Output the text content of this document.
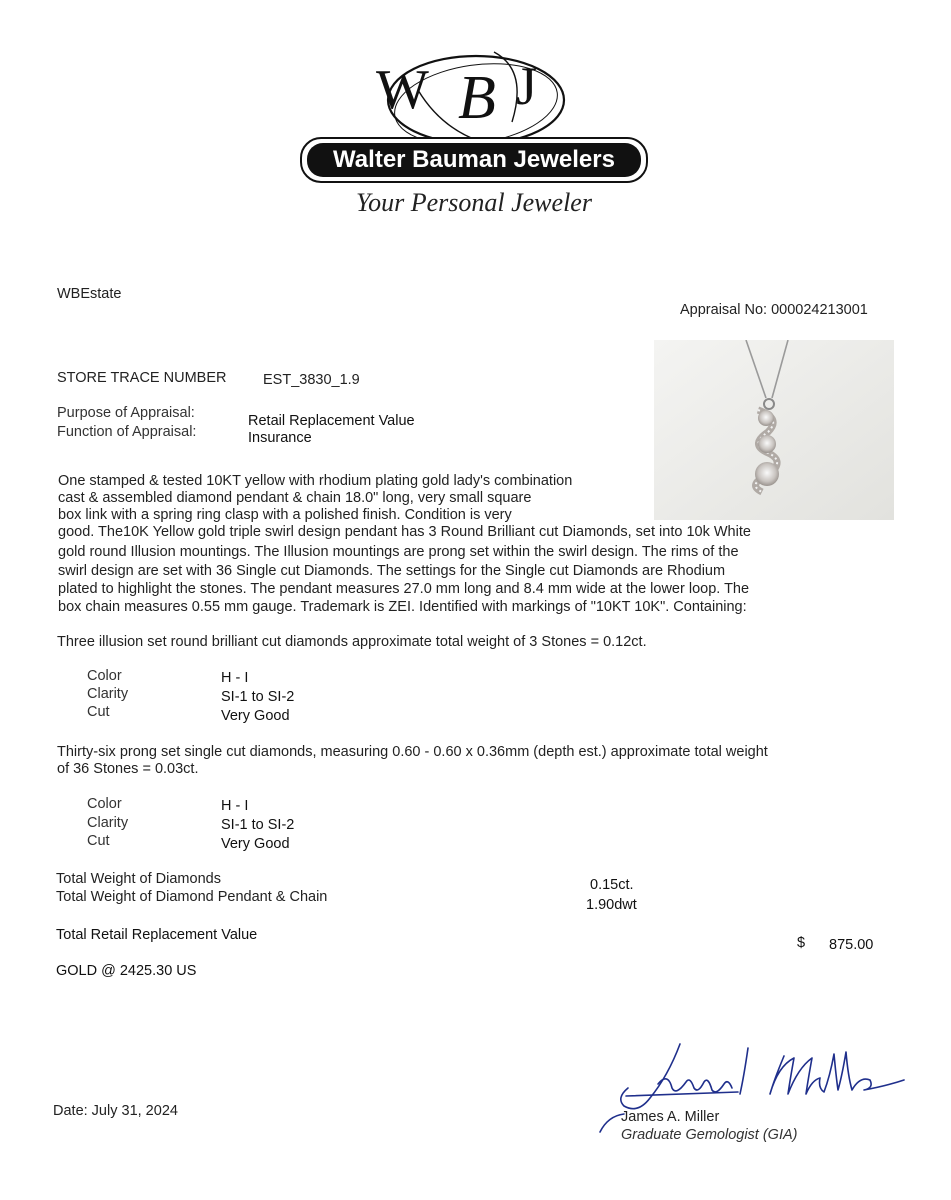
W B J
Walter Bauman Jewelers
Your Personal Jeweler
WBEstate
Appraisal No: 000024213001
STORE TRACE NUMBER	EST_3830_1.9
Purpose of Appraisal:	Retail Replacement Value
Function of Appraisal:	Insurance
One stamped & tested 10KT yellow with rhodium plating gold lady's combination
cast & assembled diamond pendant & chain 18.0" long, very small square
box link with a spring ring clasp with a polished finish. Condition is very
good. The10K Yellow gold triple swirl design pendant has 3 Round Brilliant cut Diamonds, set into 10k White
gold round Illusion mountings. The Illusion mountings are prong set within the swirl design. The rims of the
swirl design are set with 36 Single cut Diamonds. The settings for the Single cut Diamonds are Rhodium
plated to highlight the stones. The pendant measures 27.0 mm long and 8.4 mm wide at the lower loop. The
box chain measures 0.55 mm gauge. Trademark is ZEI. Identified with markings of "10KT 10K". Containing:
Three illusion set round brilliant cut diamonds approximate total weight of 3 Stones = 0.12ct.
Color	H - I
Clarity	SI-1 to SI-2
Cut	Very Good
Thirty-six prong set single cut diamonds, measuring 0.60 - 0.60 x 0.36mm (depth est.) approximate total weight
of 36 Stones = 0.03ct.
Color	H - I
Clarity	SI-1 to SI-2
Cut	Very Good
Total Weight of Diamonds	0.15ct.
Total Weight of Diamond Pendant & Chain	1.90dwt
Total Retail Replacement Value	$ 875.00
GOLD @ 2425.30 US
James A. Miller
Graduate Gemologist (GIA)
Date: July 31, 2024
